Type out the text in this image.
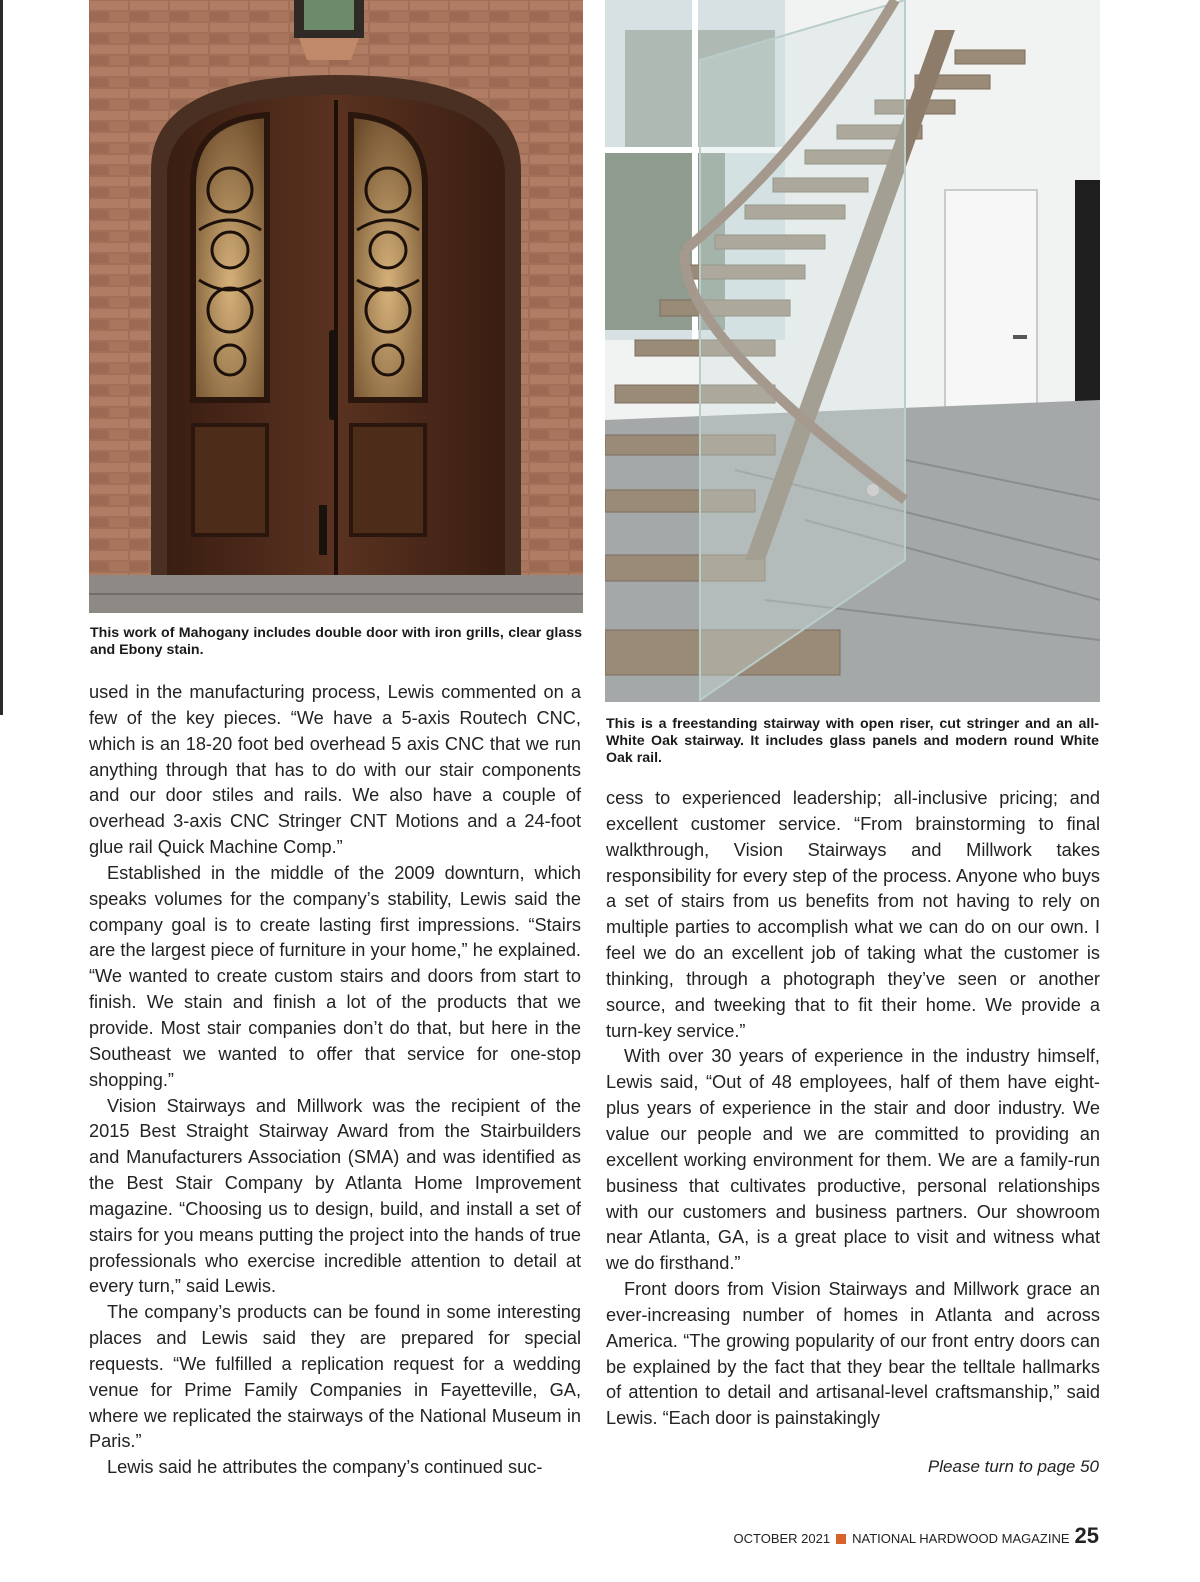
This work of Mahogany includes double door with iron grills, clear glass and Ebony stain.

This is a freestanding stairway with open riser, cut stringer and an all-White Oak stairway. It includes glass panels and modern round White Oak rail.

used in the manufacturing process, Lewis commented on a few of the key pieces. “We have a 5-axis Routech CNC, which is an 18-20 foot bed overhead 5 axis CNC that we run anything through that has to do with our stair components and our door stiles and rails. We also have a couple of overhead 3-axis CNC Stringer CNT Motions and a 24-foot glue rail Quick Machine Comp.”

Established in the middle of the 2009 downturn, which speaks volumes for the company’s stability, Lewis said the company goal is to create lasting first impressions. “Stairs are the largest piece of furniture in your home,” he explained. “We wanted to create custom stairs and doors from start to finish. We stain and finish a lot of the products that we provide. Most stair companies don’t do that, but here in the Southeast we wanted to offer that service for one-stop shopping.”

Vision Stairways and Millwork was the recipient of the 2015 Best Straight Stairway Award from the Stairbuilders and Manufacturers Association (SMA) and was identified as the Best Stair Company by Atlanta Home Improvement magazine. “Choosing us to design, build, and install a set of stairs for you means putting the project into the hands of true professionals who exercise incredible attention to detail at every turn,” said Lewis.

The company’s products can be found in some interesting places and Lewis said they are prepared for special requests. “We fulfilled a replication request for a wedding venue for Prime Family Companies in Fayetteville, GA, where we replicated the stairways of the National Museum in Paris.”

Lewis said he attributes the company’s continued suc-

cess to experienced leadership; all-inclusive pricing; and excellent customer service. “From brainstorming to final walkthrough, Vision Stairways and Millwork takes responsibility for every step of the process. Anyone who buys a set of stairs from us benefits from not having to rely on multiple parties to accomplish what we can do on our own. I feel we do an excellent job of taking what the customer is thinking, through a photograph they’ve seen or another source, and tweeking that to fit their home. We provide a turn-key service.”

With over 30 years of experience in the industry himself, Lewis said, “Out of 48 employees, half of them have eight-plus years of experience in the stair and door industry. We value our people and we are committed to providing an excellent working environment for them. We are a family-run business that cultivates productive, personal relationships with our customers and business partners. Our showroom near Atlanta, GA, is a great place to visit and witness what we do firsthand.”

Front doors from Vision Stairways and Millwork grace an ever-increasing number of homes in Atlanta and across America. “The growing popularity of our front entry doors can be explained by the fact that they bear the telltale hallmarks of attention to detail and artisanal-level craftsmanship,” said Lewis. “Each door is painstakingly

Please turn to page 50
OCTOBER 2021 NATIONAL HARDWOOD MAGAZINE 25
